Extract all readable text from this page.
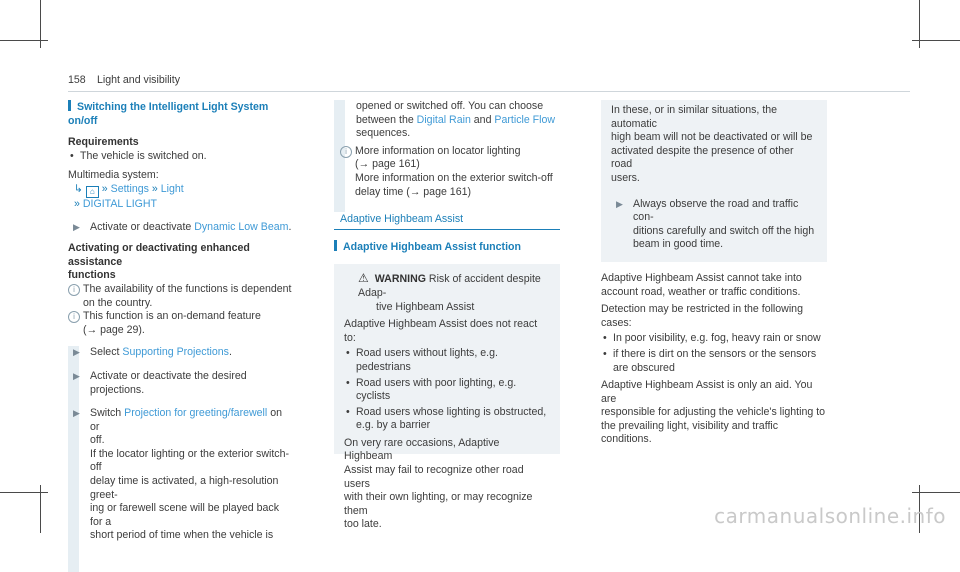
158 Light and visibility
Switching the Intelligent Light System on/off
Requirements
• The vehicle is switched on.
Multimedia system:
↳ ⌂ » Settings » Light
» DIGITAL LIGHT
▶ Activate or deactivate Dynamic Low Beam.
Activating or deactivating enhanced assistance
functions
i The availability of the functions is dependent
on the country.
i This function is an on-demand feature
(→ page 29).
▶ Select Supporting Projections.
▶ Activate or deactivate the desired projections.
▶ Switch Projection for greeting/farewell on or
off.
If the locator lighting or the exterior switch-off
delay time is activated, a high-resolution greet-
ing or farewell scene will be played back for a
short period of time when the vehicle is
opened or switched off. You can choose
between the Digital Rain and Particle Flow
sequences.
i More information on locator lighting
(→ page 161)
More information on the exterior switch-off
delay time (→ page 161)
Adaptive Highbeam Assist
Adaptive Highbeam Assist function
⚠ WARNING Risk of accident despite Adap-
tive Highbeam Assist
Adaptive Highbeam Assist does not react to:
• Road users without lights, e.g. pedestrians
• Road users with poor lighting, e.g. cyclists
• Road users whose lighting is obstructed,
e.g. by a barrier
On very rare occasions, Adaptive Highbeam
Assist may fail to recognize other road users
with their own lighting, or may recognize them
too late.
In these, or in similar situations, the automatic
high beam will not be deactivated or will be
activated despite the presence of other road
users.
▶ Always observe the road and traffic con-
ditions carefully and switch off the high
beam in good time.
Adaptive Highbeam Assist cannot take into
account road, weather or traffic conditions.
Detection may be restricted in the following
cases:
• In poor visibility, e.g. fog, heavy rain or snow
• if there is dirt on the sensors or the sensors
are obscured
Adaptive Highbeam Assist is only an aid. You are
responsible for adjusting the vehicle's lighting to
the prevailing light, visibility and traffic conditions.
carmanualsonline.info
